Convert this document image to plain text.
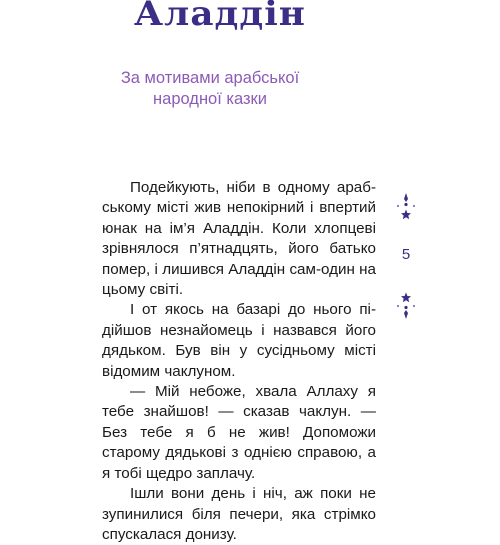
Аладдін
За мотивами арабської
народної казки

Подейкують, ніби в одному арабському місті жив непокірний і впертий юнак на ім’я Аладдін. Коли хлопцеві зрівнялося п’ятнадцять, його батько помер, і лишився Аладдін сам-один на цьому світі.

І от якось на базарі до нього підійшов незнайомець і назвався його дядьком. Був він у сусідньому місті відомим чаклуном.

— Мій небоже, хвала Аллаху я тебе знайшов! — сказав чаклун. — Без тебе я б не жив! Допоможи старому дядькові з однією справою, а я тобі щедро заплачу.

Ішли вони день і ніч, аж поки не зупинилися біля печери, яка стрімко спускалася донизу.

5
